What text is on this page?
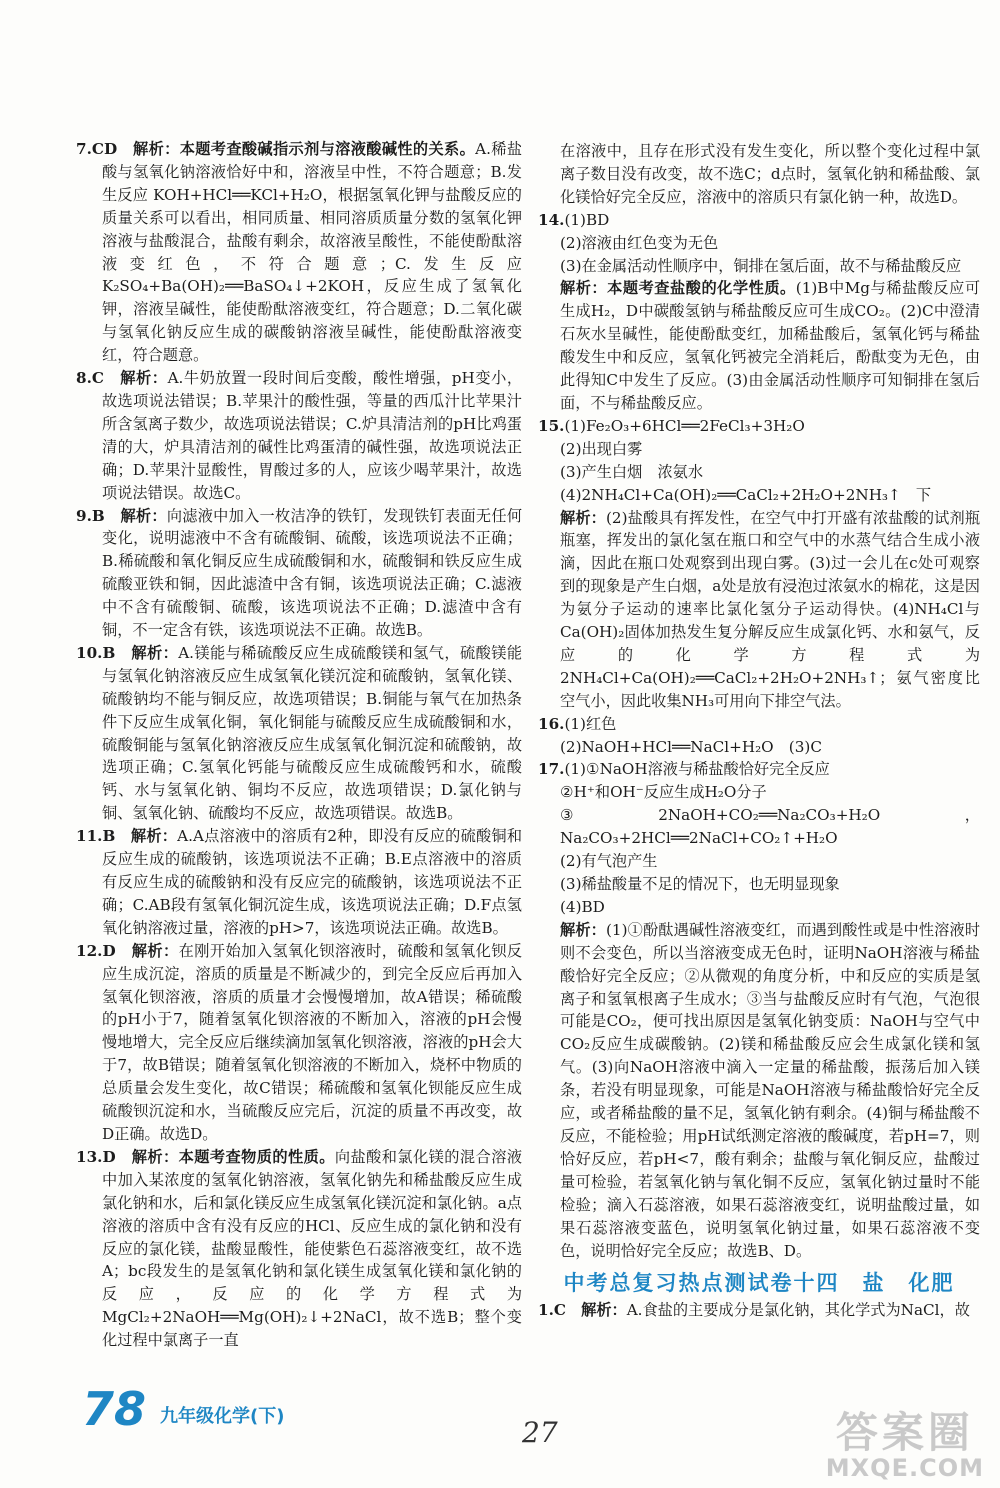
7.CD　 解析：本题考查酸碱指示剂与溶液酸碱性的关系。A.稀盐酸与氢氧化钠溶液恰好中和，溶液呈中性，不符合题意；B.发生反应 KOH+HCl══KCl+H₂O，根据氢氧化钾与盐酸反应的质量关系可以看出，相同质量、相同溶质质量分数的氢氧化钾溶液与盐酸混合，盐酸有剩余，故溶液呈酸性，不能使酚酞溶液变红色，不符合题意；C.发生反应 K₂SO₄+Ba(OH)₂══BaSO₄↓+2KOH，反应生成了氢氧化钾，溶液呈碱性，能使酚酞溶液变红，符合题意；D.二氧化碳与氢氧化钠反应生成的碳酸钠溶液呈碱性，能使酚酞溶液变红，符合题意。

8.C　 解析：A.牛奶放置一段时间后变酸，酸性增强，pH变小，故选项说法错误；B.苹果汁的酸性强，等量的西瓜汁比苹果汁所含氢离子数少，故选项说法错误；C.炉具清洁剂的pH比鸡蛋清的大，炉具清洁剂的碱性比鸡蛋清的碱性强，故选项说法正确；D.苹果汁显酸性，胃酸过多的人，应该少喝苹果汁，故选项说法错误。故选C。

9.B　 解析：向滤液中加入一枚洁净的铁钉，发现铁钉表面无任何变化，说明滤液中不含有硫酸铜、硫酸，该选项说法不正确；B.稀硫酸和氧化铜反应生成硫酸铜和水，硫酸铜和铁反应生成硫酸亚铁和铜，因此滤渣中含有铜，该选项说法正确；C.滤液中不含有硫酸铜、硫酸，该选项说法不正确；D.滤渣中含有铜，不一定含有铁，该选项说法不正确。故选B。

10.B　 解析：A.镁能与稀硫酸反应生成硫酸镁和氢气，硫酸镁能与氢氧化钠溶液反应生成氢氧化镁沉淀和硫酸钠，氢氧化镁、硫酸钠均不能与铜反应，故选项错误；B.铜能与氧气在加热条件下反应生成氧化铜，氧化铜能与硫酸反应生成硫酸铜和水，硫酸铜能与氢氧化钠溶液反应生成氢氧化铜沉淀和硫酸钠，故选项正确；C.氢氧化钙能与硫酸反应生成硫酸钙和水，硫酸钙、水与氢氧化钠、铜均不反应，故选项错误；D.氯化钠与铜、氢氧化钠、硫酸均不反应，故选项错误。故选B。

11.B　 解析：A.A点溶液中的溶质有2种，即没有反应的硫酸铜和反应生成的硫酸钠，该选项说法不正确；B.E点溶液中的溶质有反应生成的硫酸钠和没有反应完的硫酸钠，该选项说法不正确；C.AB段有氢氧化铜沉淀生成，该选项说法正确；D.F点氢氧化钠溶液过量，溶液的pH>7，该选项说法正确。故选B。

12.D　 解析：在刚开始加入氢氧化钡溶液时，硫酸和氢氧化钡反应生成沉淀，溶质的质量是不断减少的，到完全反应后再加入氢氧化钡溶液，溶质的质量才会慢慢增加，故A错误；稀硫酸的pH小于7，随着氢氧化钡溶液的不断加入，溶液的pH会慢慢地增大，完全反应后继续滴加氢氧化钡溶液，溶液的pH会大于7，故B错误；随着氢氧化钡溶液的不断加入，烧杯中物质的总质量会发生变化，故C错误；稀硫酸和氢氧化钡能反应生成硫酸钡沉淀和水，当硫酸反应完后，沉淀的质量不再改变，故D正确。故选D。

13.D　 解析：本题考查物质的性质。向盐酸和氯化镁的混合溶液中加入某浓度的氢氧化钠溶液，氢氧化钠先和稀盐酸反应生成氯化钠和水，后和氯化镁反应生成氢氧化镁沉淀和氯化钠。a点溶液的溶质中含有没有反应的HCl、反应生成的氯化钠和没有反应的氯化镁，盐酸显酸性，能使紫色石蕊溶液变红，故不选A；bc段发生的是氢氧化钠和氯化镁生成氢氧化镁和氯化钠的反应，反应的化学方程式为 MgCl₂+2NaOH══Mg(OH)₂↓+2NaCl，故不选B；整个变化过程中氯离子一直

在溶液中，且存在形式没有发生变化，所以整个变化过程中氯离子数目没有改变，故不选C；d点时，氢氧化钠和稀盐酸、氯化镁恰好完全反应，溶液中的溶质只有氯化钠一种，故选D。

14.(1)BD

(2)溶液由红色变为无色

(3)在金属活动性顺序中，铜排在氢后面，故不与稀盐酸反应

解析：本题考查盐酸的化学性质。(1)B中Mg与稀盐酸反应可生成H₂，D中碳酸氢钠与稀盐酸反应可生成CO₂。(2)C中澄清石灰水呈碱性，能使酚酞变红，加稀盐酸后，氢氧化钙与稀盐酸发生中和反应，氢氧化钙被完全消耗后，酚酞变为无色，由此得知C中发生了反应。(3)由金属活动性顺序可知铜排在氢后面，不与稀盐酸反应。

15.(1)Fe₂O₃+6HCl══2FeCl₃+3H₂O

(2)出现白雾

(3)产生白烟　浓氨水

(4)2NH₄Cl+Ca(OH)₂══CaCl₂+2H₂O+2NH₃↑　下

解析：(2)盐酸具有挥发性，在空气中打开盛有浓盐酸的试剂瓶瓶塞，挥发出的氯化氢在瓶口和空气中的水蒸气结合生成小液滴，因此在瓶口处观察到出现白雾。(3)过一会儿在c处可观察到的现象是产生白烟，a处是放有浸泡过浓氨水的棉花，这是因为氨分子运动的速率比氯化氢分子运动得快。(4)NH₄Cl与Ca(OH)₂固体加热发生复分解反应生成氯化钙、水和氨气，反应的化学方程式为2NH₄Cl+Ca(OH)₂══CaCl₂+2H₂O+2NH₃↑；氨气密度比空气小，因此收集NH₃可用向下排空气法。

16.(1)红色

(2)NaOH+HCl══NaCl+H₂O　(3)C

17.(1)①NaOH溶液与稀盐酸恰好完全反应

②H⁺和OH⁻反应生成H₂O分子

③2NaOH+CO₂══Na₂CO₃+H₂O，Na₂CO₃+2HCl══2NaCl+CO₂↑+H₂O

(2)有气泡产生

(3)稀盐酸量不足的情况下，也无明显现象

(4)BD

解析：(1)①酚酞遇碱性溶液变红，而遇到酸性或是中性溶液时则不会变色，所以当溶液变成无色时，证明NaOH溶液与稀盐酸恰好完全反应；②从微观的角度分析，中和反应的实质是氢离子和氢氧根离子生成水；③当与盐酸反应时有气泡，气泡很可能是CO₂，便可找出原因是氢氧化钠变质：NaOH与空气中CO₂反应生成碳酸钠。(2)镁和稀盐酸反应会生成氯化镁和氢气。(3)向NaOH溶液中滴入一定量的稀盐酸，振荡后加入镁条，若没有明显现象，可能是NaOH溶液与稀盐酸恰好完全反应，或者稀盐酸的量不足，氢氧化钠有剩余。(4)铜与稀盐酸不反应，不能检验；用pH试纸测定溶液的酸碱度，若pH=7，则恰好反应，若pH<7，酸有剩余；盐酸与氧化铜反应，盐酸过量可检验，若氢氧化钠与氧化铜不反应，氢氧化钠过量时不能检验；滴入石蕊溶液，如果石蕊溶液变红，说明盐酸过量，如果石蕊溶液变蓝色，说明氢氧化钠过量，如果石蕊溶液不变色，说明恰好完全反应；故选B、D。

中考总复习热点测试卷十四　盐　化肥

1.C　 解析：A.食盐的主要成分是氯化钠，其化学式为NaCl，故

78 九年级化学(下)	27	答案圈
MXQE.COM
